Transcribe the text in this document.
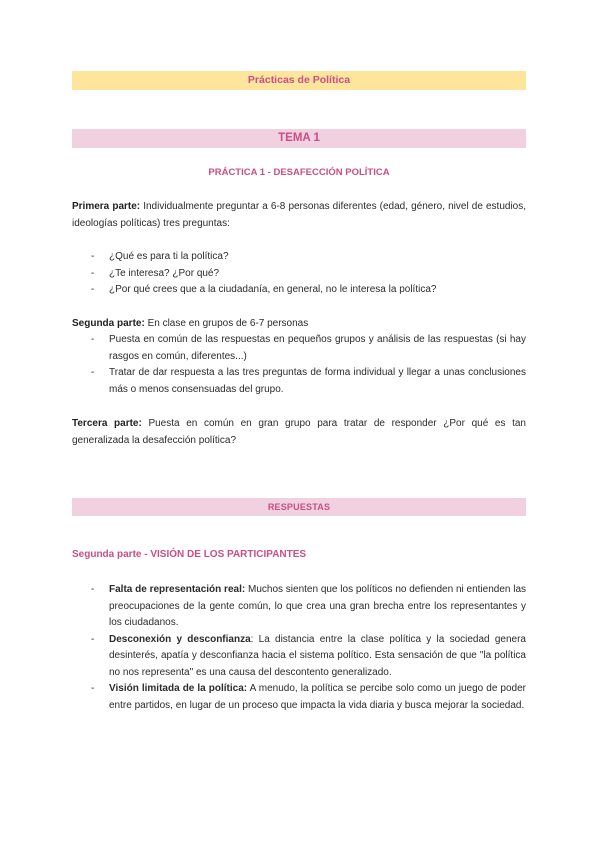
Prácticas de Política
TEMA 1
PRÁCTICA 1 - DESAFECCIÓN POLÍTICA

Primera parte: Individualmente preguntar a 6-8 personas diferentes (edad, género, nivel de estudios, ideologías políticas) tres preguntas:

- ¿Qué es para ti la política?
- ¿Te interesa? ¿Por qué?
- ¿Por qué crees que a la ciudadanía, en general, no le interesa la política?

Segunda parte: En clase en grupos de 6-7 personas

- Puesta en común de las respuestas en pequeños grupos y análisis de las respuestas (si hay rasgos en común, diferentes...)
- Tratar de dar respuesta a las tres preguntas de forma individual y llegar a unas conclusiones más o menos consensuadas del grupo.

Tercera parte: Puesta en común en gran grupo para tratar de responder ¿Por qué es tan generalizada la desafección política?

RESPUESTAS
Segunda parte - VISIÓN DE LOS PARTICIPANTES
- Falta de representación real: Muchos sienten que los políticos no defienden ni entienden las preocupaciones de la gente común, lo que crea una gran brecha entre los representantes y los ciudadanos.
- Desconexión y desconfianza: La distancia entre la clase política y la sociedad genera desinterés, apatía y desconfianza hacia el sistema político. Esta sensación de que "la política no nos representa" es una causa del descontento generalizado.
- Visión limitada de la política: A menudo, la política se percibe solo como un juego de poder entre partidos, en lugar de un proceso que impacta la vida diaria y busca mejorar la sociedad.
